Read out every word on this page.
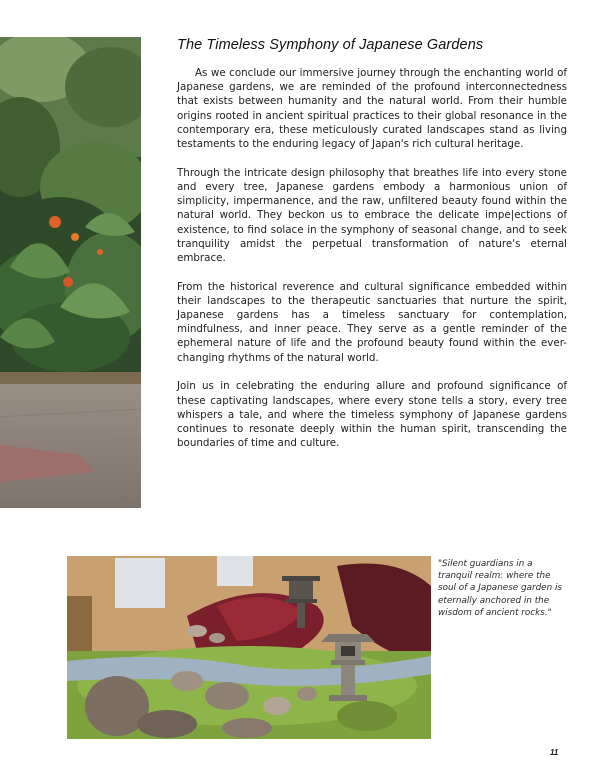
The Timeless Symphony of Japanese Gardens

As we conclude our immersive journey through the enchanting world of Japanese gardens, we are reminded of the profound interconnectedness that exists between humanity and the natural world. From their humble origins rooted in ancient spiritual practices to their global resonance in the contemporary era, these meticulously curated landscapes stand as living testaments to the enduring legacy of Japan's rich cultural heritage.

Through the intricate design philosophy that breathes life into every stone and every tree, Japanese gardens embody a harmonious union of simplicity, impermanence, and the raw, unfiltered beauty found within the natural world. They beckon us to embrace the delicate impe|ections of existence, to find solace in the symphony of seasonal change, and to seek tranquility amidst the perpetual transformation of nature's eternal embrace.

From the historical reverence and cultural significance embedded within their landscapes to the therapeutic sanctuaries that nurture the spirit, Japanese gardens has a timeless sanctuary for contemplation, mindfulness, and inner peace. They serve as a gentle reminder of the ephemeral nature of life and the profound beauty found within the ever-changing rhythms of the natural world.

Join us in celebrating the enduring allure and profound significance of these captivating landscapes, where every stone tells a story, every tree whispers a tale, and where the timeless symphony of Japanese gardens continues to resonate deeply within the human spirit, transcending the boundaries of time and culture.

"Silent guardians in a tranquil realm: where the soul of a Japanese garden is eternally anchored in the wisdom of ancient rocks."
11
